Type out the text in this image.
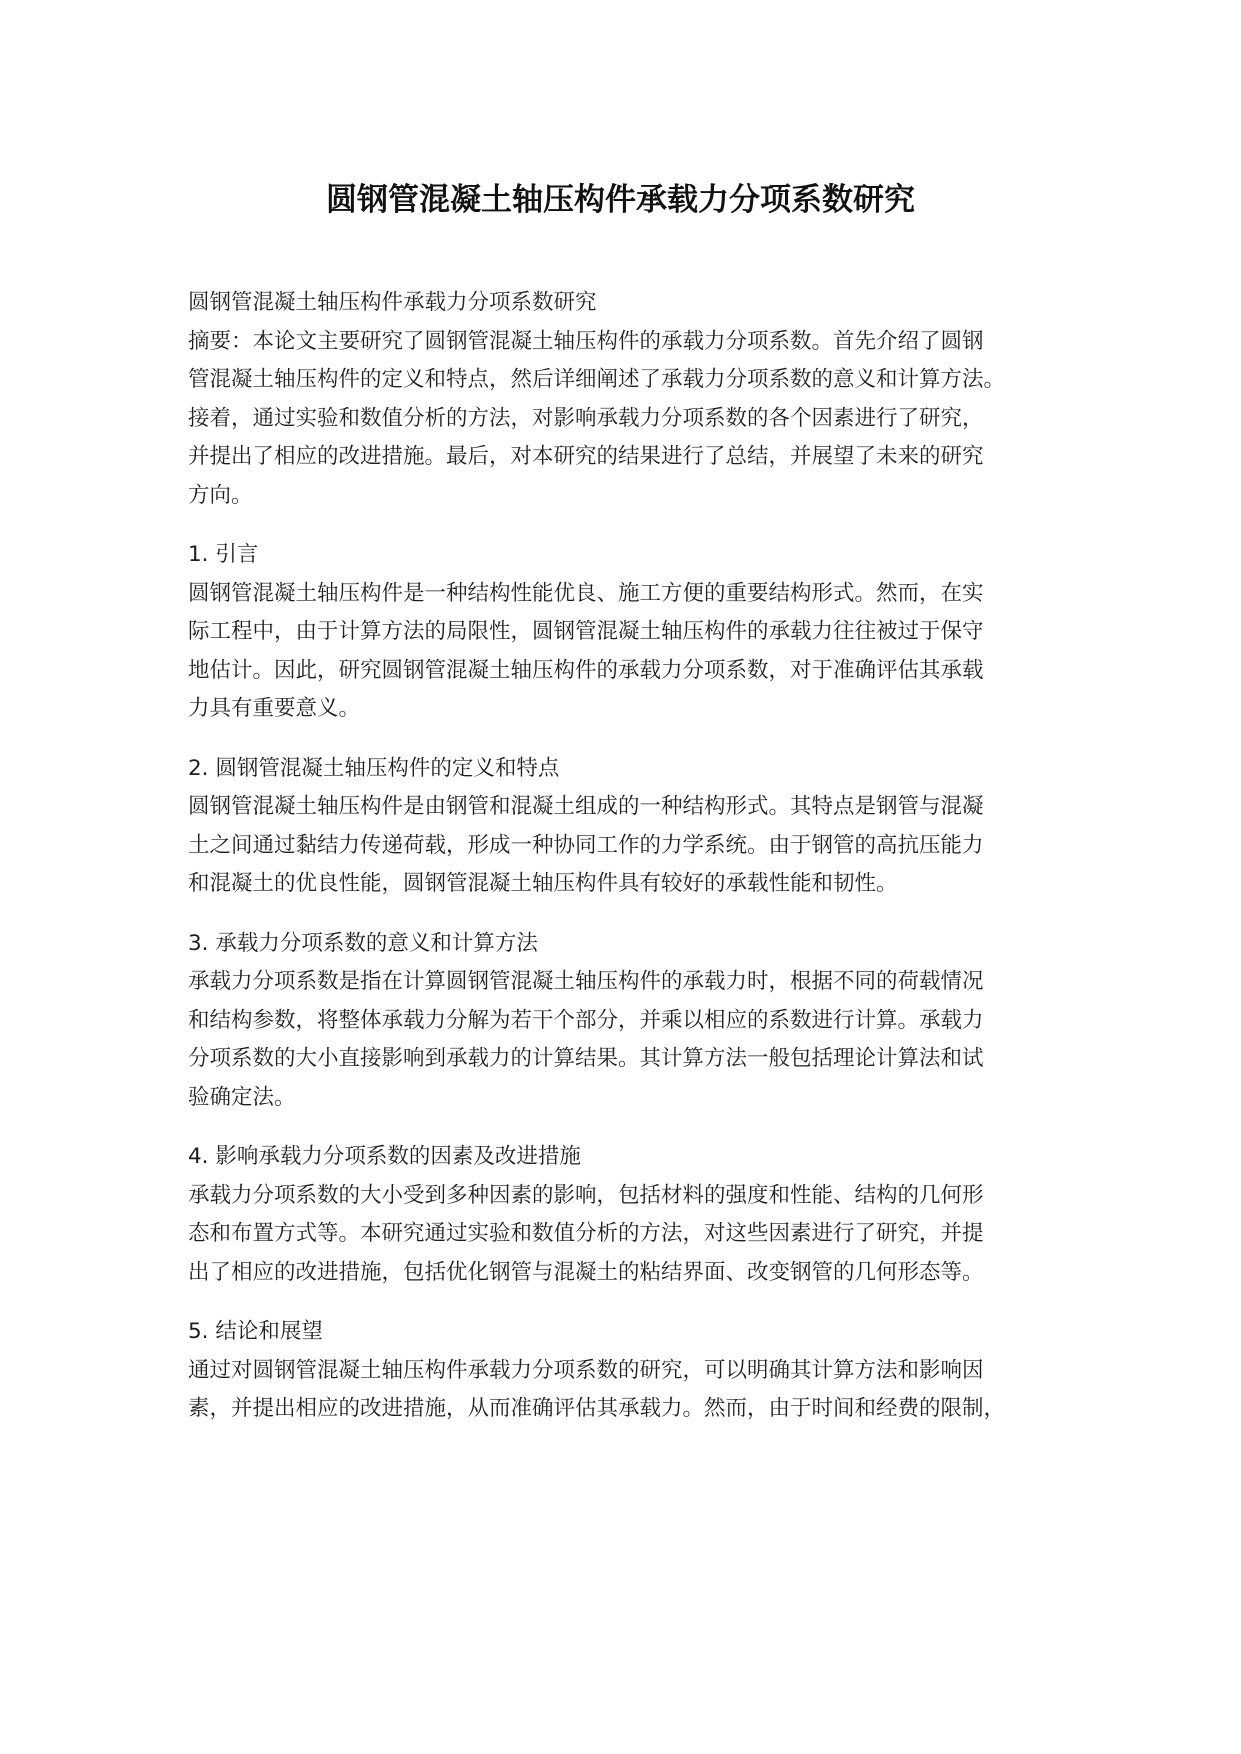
圆钢管混凝土轴压构件承载力分项系数研究

圆钢管混凝土轴压构件承载力分项系数研究

摘要：本论文主要研究了圆钢管混凝土轴压构件的承载力分项系数。首先介绍了圆钢

管混凝土轴压构件的定义和特点，然后详细阐述了承载力分项系数的意义和计算方法。

接着，通过实验和数值分析的方法，对影响承载力分项系数的各个因素进行了研究，

并提出了相应的改进措施。最后，对本研究的结果进行了总结，并展望了未来的研究

方向。

1. 引言

圆钢管混凝土轴压构件是一种结构性能优良、施工方便的重要结构形式。然而，在实

际工程中，由于计算方法的局限性，圆钢管混凝土轴压构件的承载力往往被过于保守

地估计。因此，研究圆钢管混凝土轴压构件的承载力分项系数，对于准确评估其承载

力具有重要意义。

2. 圆钢管混凝土轴压构件的定义和特点

圆钢管混凝土轴压构件是由钢管和混凝土组成的一种结构形式。其特点是钢管与混凝

土之间通过黏结力传递荷载，形成一种协同工作的力学系统。由于钢管的高抗压能力

和混凝土的优良性能，圆钢管混凝土轴压构件具有较好的承载性能和韧性。

3. 承载力分项系数的意义和计算方法

承载力分项系数是指在计算圆钢管混凝土轴压构件的承载力时，根据不同的荷载情况

和结构参数，将整体承载力分解为若干个部分，并乘以相应的系数进行计算。承载力

分项系数的大小直接影响到承载力的计算结果。其计算方法一般包括理论计算法和试

验确定法。

4. 影响承载力分项系数的因素及改进措施

承载力分项系数的大小受到多种因素的影响，包括材料的强度和性能、结构的几何形

态和布置方式等。本研究通过实验和数值分析的方法，对这些因素进行了研究，并提

出了相应的改进措施，包括优化钢管与混凝土的粘结界面、改变钢管的几何形态等。

5. 结论和展望

通过对圆钢管混凝土轴压构件承载力分项系数的研究，可以明确其计算方法和影响因

素，并提出相应的改进措施，从而准确评估其承载力。然而，由于时间和经费的限制，
